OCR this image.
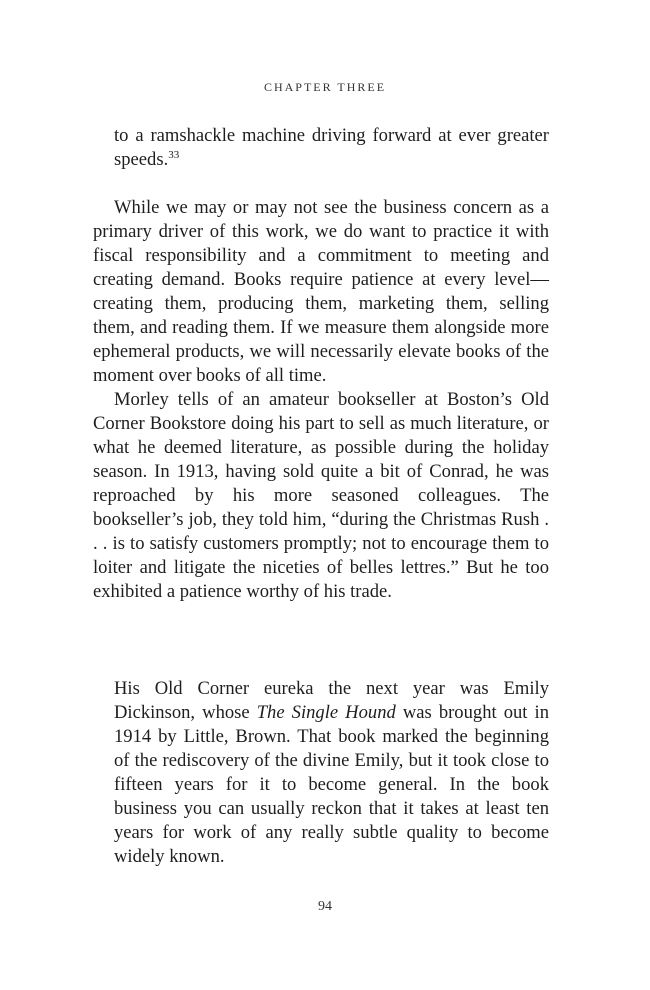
CHAPTER THREE

to a ramshackle machine driving forward at ever greater speeds.$^{33}$

While we may or may not see the business concern as a primary driver of this work, we do want to practice it with fiscal responsibility and a commitment to meeting and creating demand. Books require patience at every level—creating them, producing them, marketing them, selling them, and reading them. If we measure them alongside more ephemeral products, we will necessarily elevate books of the moment over books of all time.

Morley tells of an amateur bookseller at Boston’s Old Corner Bookstore doing his part to sell as much literature, or what he deemed literature, as possible during the holiday season. In 1913, having sold quite a bit of Conrad, he was reproached by his more seasoned colleagues. The bookseller’s job, they told him, “during the Christmas Rush . . . is to satisfy customers promptly; not to encourage them to loiter and litigate the niceties of belles lettres.” But he too exhibited a patience worthy of his trade.

His Old Corner eureka the next year was Emily Dickinson, whose The Single Hound was brought out in 1914 by Little, Brown. That book marked the beginning of the rediscovery of the divine Emily, but it took close to fifteen years for it to become general. In the book business you can usually reckon that it takes at least ten years for work of any really subtle quality to become widely known.

94
